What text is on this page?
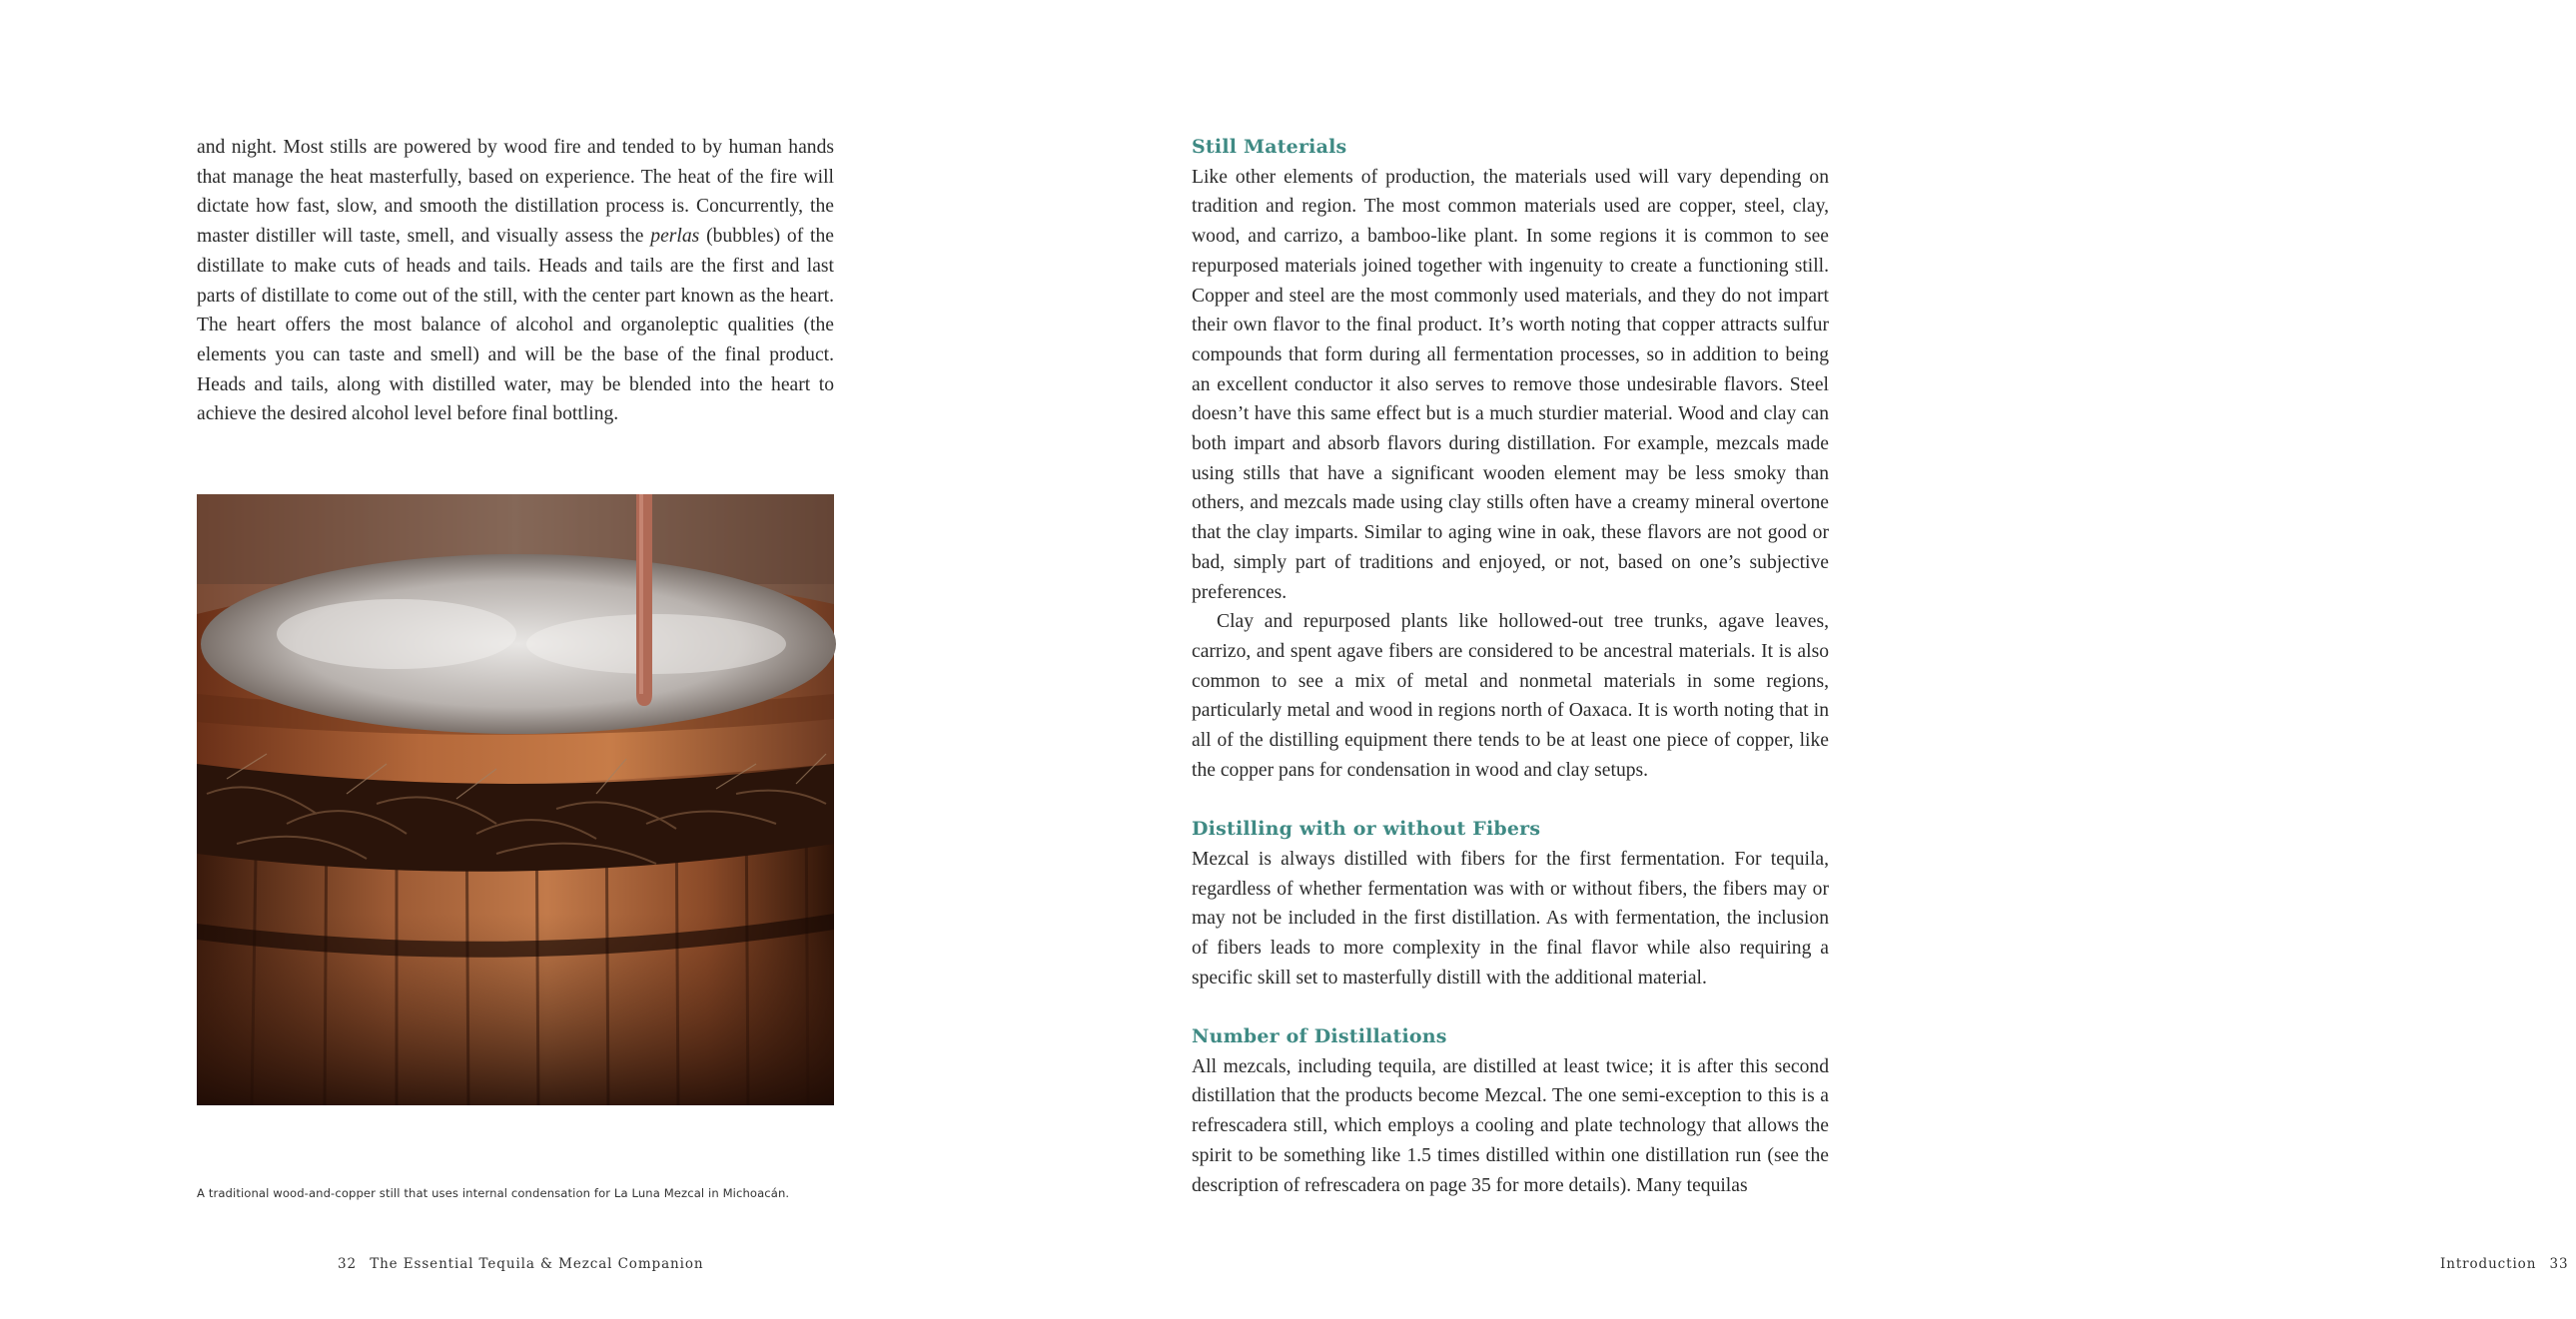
and night. Most stills are powered by wood fire and tended to by human hands that manage the heat masterfully, based on experience. The heat of the fire will dictate how fast, slow, and smooth the distillation process is. Concurrently, the master distiller will taste, smell, and visually assess the perlas (bubbles) of the distillate to make cuts of heads and tails. Heads and tails are the first and last parts of distillate to come out of the still, with the center part known as the heart. The heart offers the most balance of alcohol and organoleptic qualities (the elements you can taste and smell) and will be the base of the final product. Heads and tails, along with distilled water, may be blended into the heart to achieve the desired alcohol level before final bottling.

A traditional wood-and-copper still that uses internal condensation for La Luna Mezcal in Michoacán.
32 The Essential Tequila & Mezcal Companion
Still Materials

Like other elements of production, the materials used will vary depending on tradition and region. The most common materials used are copper, steel, clay, wood, and carrizo, a bamboo-like plant. In some regions it is common to see repurposed materials joined together with ingenuity to create a functioning still. Copper and steel are the most commonly used materials, and they do not impart their own flavor to the final product. It’s worth noting that copper attracts sulfur compounds that form during all fermentation processes, so in addition to being an excellent conductor it also serves to remove those undesirable flavors. Steel doesn’t have this same effect but is a much sturdier material. Wood and clay can both impart and absorb flavors during distillation. For example, mezcals made using stills that have a significant wooden element may be less smoky than others, and mezcals made using clay stills often have a creamy mineral overtone that the clay imparts. Similar to aging wine in oak, these flavors are not good or bad, simply part of traditions and enjoyed, or not, based on one’s subjective preferences.

Clay and repurposed plants like hollowed-out tree trunks, agave leaves, carrizo, and spent agave fibers are considered to be ancestral materials. It is also common to see a mix of metal and nonmetal materials in some regions, particularly metal and wood in regions north of Oaxaca. It is worth noting that in all of the distilling equipment there tends to be at least one piece of copper, like the copper pans for condensation in wood and clay setups.

Distilling with or without Fibers

Mezcal is always distilled with fibers for the first fermentation. For tequila, regardless of whether fermentation was with or without fibers, the fibers may or may not be included in the first distillation. As with fermentation, the inclusion of fibers leads to more complexity in the final flavor while also requiring a specific skill set to masterfully distill with the additional material.

Number of Distillations

All mezcals, including tequila, are distilled at least twice; it is after this second distillation that the products become Mezcal. The one semi-exception to this is a refrescadera still, which employs a cooling and plate technology that allows the spirit to be something like 1.5 times distilled within one distillation run (see the description of refrescadera on page 35 for more details). Many tequilas

Introduction 33
